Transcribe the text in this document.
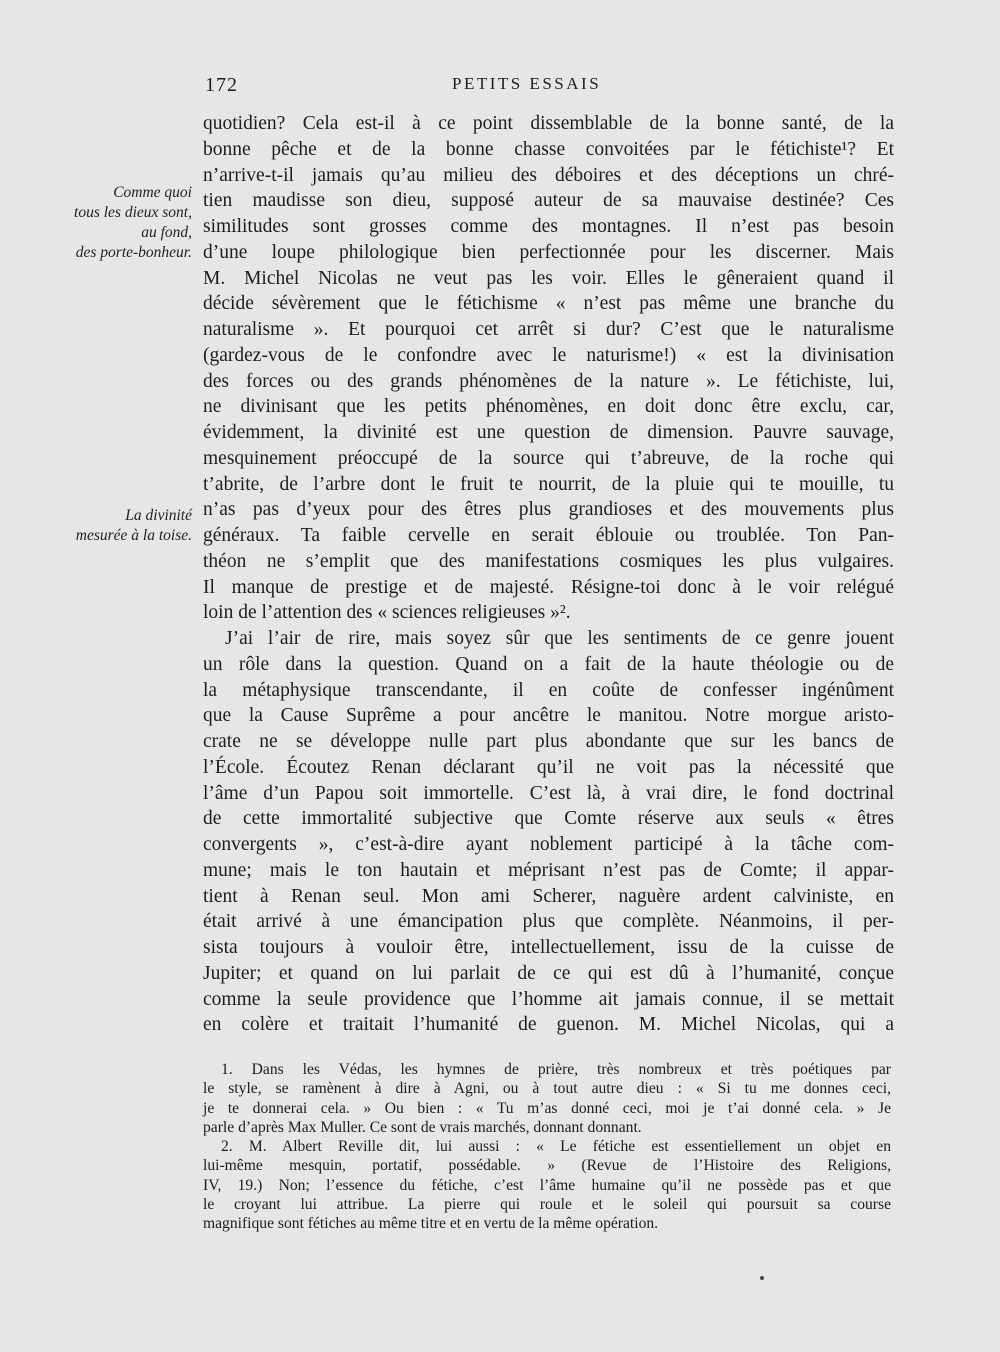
172	PETITS ESSAIS
Comme quoi
tous les dieux sont,
au fond,
des porte-bonheur.
La divinité
mesurée à la toise.
quotidien? Cela est-il à ce point dissemblable de la bonne santé, de la
bonne pêche et de la bonne chasse convoitées par le fétichiste¹? Et
n’arrive-t-il jamais qu’au milieu des déboires et des déceptions un chré-
tien maudisse son dieu, supposé auteur de sa mauvaise destinée? Ces
similitudes sont grosses comme des montagnes. Il n’est pas besoin
d’une loupe philologique bien perfectionnée pour les discerner. Mais
M. Michel Nicolas ne veut pas les voir. Elles le gêneraient quand il
décide sévèrement que le fétichisme « n’est pas même une branche du
naturalisme ». Et pourquoi cet arrêt si dur? C’est que le naturalisme
(gardez-vous de le confondre avec le naturisme!) « est la divinisation
des forces ou des grands phénomènes de la nature ». Le fétichiste, lui,
ne divinisant que les petits phénomènes, en doit donc être exclu, car,
évidemment, la divinité est une question de dimension. Pauvre sauvage,
mesquinement préoccupé de la source qui t’abreuve, de la roche qui
t’abrite, de l’arbre dont le fruit te nourrit, de la pluie qui te mouille, tu
n’as pas d’yeux pour des êtres plus grandioses et des mouvements plus
généraux. Ta faible cervelle en serait éblouie ou troublée. Ton Pan-
théon ne s’emplit que des manifestations cosmiques les plus vulgaires.
Il manque de prestige et de majesté. Résigne-toi donc à le voir relégué
loin de l’attention des « sciences religieuses »².
J’ai l’air de rire, mais soyez sûr que les sentiments de ce genre jouent
un rôle dans la question. Quand on a fait de la haute théologie ou de
la métaphysique transcendante, il en coûte de confesser ingénûment
que la Cause Suprême a pour ancêtre le manitou. Notre morgue aristo-
crate ne se développe nulle part plus abondante que sur les bancs de
l’École. Écoutez Renan déclarant qu’il ne voit pas la nécessité que
l’âme d’un Papou soit immortelle. C’est là, à vrai dire, le fond doctrinal
de cette immortalité subjective que Comte réserve aux seuls « êtres
convergents », c’est-à-dire ayant noblement participé à la tâche com-
mune; mais le ton hautain et méprisant n’est pas de Comte; il appar-
tient à Renan seul. Mon ami Scherer, naguère ardent calviniste, en
était arrivé à une émancipation plus que complète. Néanmoins, il per-
sista toujours à vouloir être, intellectuellement, issu de la cuisse de
Jupiter; et quand on lui parlait de ce qui est dû à l’humanité, conçue
comme la seule providence que l’homme ait jamais connue, il se mettait
en colère et traitait l’humanité de guenon. M. Michel Nicolas, qui a
1. Dans les Védas, les hymnes de prière, très nombreux et très poétiques par
le style, se ramènent à dire à Agni, ou à tout autre dieu : « Si tu me donnes ceci,
je te donnerai cela. » Ou bien : « Tu m’as donné ceci, moi je t’ai donné cela. » Je
parle d’après Max Muller. Ce sont de vrais marchés, donnant donnant.
2. M. Albert Reville dit, lui aussi : « Le fétiche est essentiellement un objet en
lui-même mesquin, portatif, possédable. » (Revue de l’Histoire des Religions,
IV, 19.) Non; l’essence du fétiche, c’est l’âme humaine qu’il ne possède pas et que
le croyant lui attribue. La pierre qui roule et le soleil qui poursuit sa course
magnifique sont fétiches au même titre et en vertu de la même opération.
